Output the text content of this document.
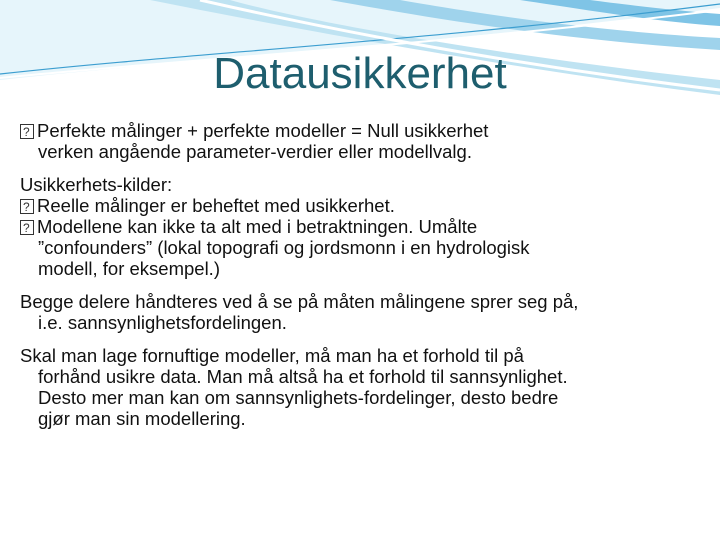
Datausikkerhet
?Perfekte målinger + perfekte modeller = Null usikkerhet
verken angående parameter-verdier eller modellvalg.
Usikkerhets-kilder:
?Reelle målinger er beheftet med usikkerhet.
?Modellene kan ikke ta alt med i betraktningen. Umålte
”confounders” (lokal topografi og jordsmonn i en hydrologisk
modell, for eksempel.)
Begge delere håndteres ved å se på måten målingene sprer seg på,
i.e. sannsynlighetsfordelingen.
Skal man lage fornuftige modeller, må man ha et forhold til på
forhånd usikre data. Man må altså ha et forhold til sannsynlighet.
Desto mer man kan om sannsynlighets-fordelinger, desto bedre
gjør man sin modellering.
